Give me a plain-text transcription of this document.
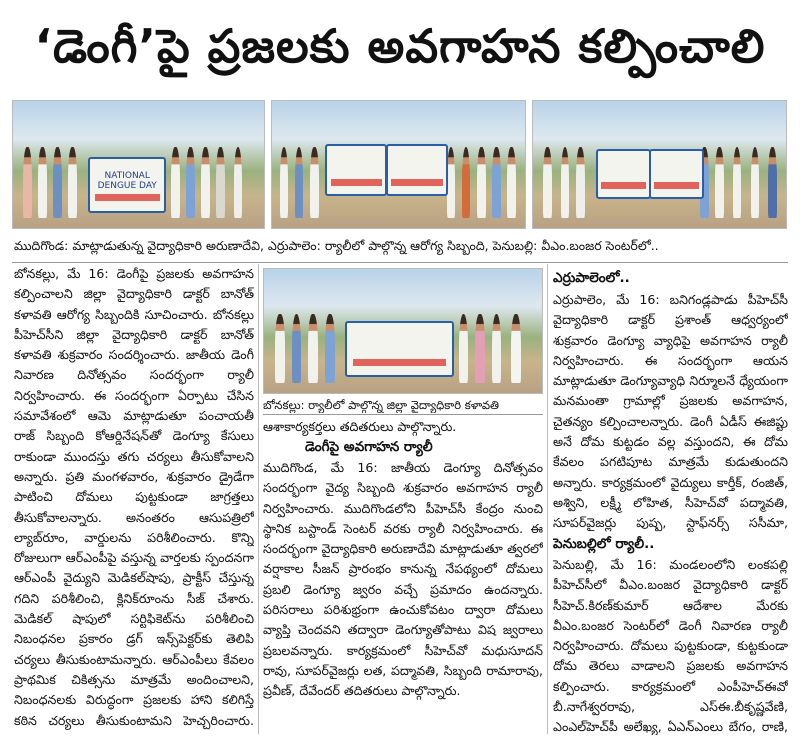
‘డెంగీ’పై ప్రజలకు అవగాహన కల్పించాలి
NATIONAL DENGUE DAY
ముదిగొండ: మాట్లాడుతున్న వైద్యాధికారి అరుణాదేవి, ఎర్రుపాలెం: ర్యాలీలో పాల్గొన్న ఆరోగ్య సిబ్బంది, పెనుబల్లి: వీఎం.బంజర సెంటర్‌లో..

బోనకల్లు, మే 16: డెంగీపై ప్రజలకు అవగాహన కల్పించాలని జిల్లా వైద్యాధికారి డాక్టర్ బానోత్ కళావతి ఆరోగ్య సిబ్బందికి సూచించారు. బోనకల్లు పీహెచ్‌సీని జిల్లా వైద్యాధికారి డాక్టర్ బానోత్ కళావతి శుక్రవారం సందర్శించారు. జాతీయ డెంగీ నివారణ దినోత్సవం సందర్భంగా ర్యాలీ నిర్వహించారు. ఈ సందర్భంగా ఏర్పాటు చేసిన సమావేశంలో ఆమె మాట్లాడుతూ పంచాయతీ రాజ్ సిబ్బంది కోఆర్డినేషన్‌తో డెంగ్యూ కేసులు రాకుండా ముందస్తు తగు చర్యలు తీసుకోవాలని అన్నారు. ప్రతి మంగళవారం, శుక్రవారం డ్రైడేగా పాటించి దోమలు పుట్టకుండా జాగ్రత్తలు తీసుకోవాలన్నారు. అనంతరం ఆసుపత్రిలో ల్యాబ్‌రూం, వార్డులను పరిశీలించారు. కొన్ని రోజులుగా ఆర్ఎంపీపై వస్తున్న వార్తలకు స్పందనగా ఆర్ఎంపీ వైద్యుని మెడికల్‌షాపు, ప్రాక్టీస్ చేస్తున్న గదిని పరిశీలించి, క్లినిక్‌రూంను సీజ్ చేశారు. మెడికల్ షాపులో సర్టిఫికెట్‌ను పరిశీలించి నిబంధనల ప్రకారం డ్రగ్ ఇన్స్‌పెక్టర్‌కు తెలిపి చర్యలు తీసుకుంటామన్నారు. ఆర్ఎంపీలు కేవలం ప్రాథమిక చికిత్సను మాత్రమే అందించాలని, నిబంధనలకు విరుద్ధంగా ప్రజలకు హాని కలిగిస్తే కఠిన చర్యలు తీసుకుంటామని హెచ్చరించారు.

బోనకల్లు: ర్యాలీలో పాల్గొన్న జిల్లా వైద్యాధికారి కళావతి

ఆశాకార్యకర్తలు తదితరులు పాల్గొన్నారు.

డెంగీపై అవగాహన ర్యాలీ

ముదిగొండ, మే 16: జాతీయ డెంగ్యూ దినోత్సవం సందర్భంగా వైద్య సిబ్బంది శుక్రవారం అవగాహన ర్యాలీ నిర్వహించారు. ముదిగొండలోని పీహెచ్‌సీ కేంద్రం నుంచి స్థానిక బస్టాండ్ సెంటర్ వరకు ర్యాలీ నిర్వహించారు. ఈ సందర్భంగా వైద్యాధికారి అరుణాదేవి మాట్లాడుతూ త్వరలో వర్షాకాల సీజన్ ప్రారంభం కానున్న నేపథ్యంలో దోమలు ప్రబలి డెంగ్యూ జ్వరం వచ్చే ప్రమాదం ఉందన్నారు. పరిసరాలు పరిశుభ్రంగా ఉంచుకోవటం ద్వారా దోమలు వ్యాప్తి చెందవని తద్వారా డెంగ్యూతోపాటు విష జ్వరాలు ప్రబలవన్నారు. కార్యక్రమంలో సీహెచ్‌వో మధుసూదన్ రావు, సూపర్‌వైజర్లు లత, పద్మావతి, సిబ్బంది రామారావు, ప్రవీణ్, దేవేందర్ తదితరులు పాల్గొన్నారు.

ఎర్రుపాలెంలో..

ఎర్రుపాలెం, మే 16: బనిగండ్లపాడు పీహెచ్‌సీ వైద్యాధికారి డాక్టర్ ప్రశాంత్ ఆధ్వర్యంలో శుక్రవారం డెంగ్యూ వ్యాధిపై అవగాహన ర్యాలీ నిర్వహించారు. ఈ సందర్భంగా ఆయన మాట్లాడుతూ డెంగ్యూవ్యాధి నిర్మూలనే ధ్యేయంగా మనమంతా గ్రామాల్లో ప్రజలకు అవగాహన, చైతన్యం కల్పించాలన్నారు. డెంగీ ఏడీస్ ఈజిప్టు అనే దోమ కుట్టడం వల్ల వస్తుందని, ఈ దోమ కేవలం పగటిపూట మాత్రమే కుడుతుందని అన్నారు. కార్యక్రమంలో వైద్యులు కార్తీక్, రంజిత్, అశ్విని, లక్ష్మీ లోహిత, సీహెచ్‌వో పద్మావతి, సూపర్‌వైజర్లు పుష్ప, స్టాఫ్‌నర్స్ ససీమా,

పెనుబల్లిలో ర్యాలీ..

పెనుబల్లి, మే 16: మండలంలోని లంకపల్లి పీహెచ్‌సీలో వీఎం.బంజర వైద్యాధికారి డాక్టర్ సీహెచ్.కిరణ్‌కుమార్ ఆదేశాల మేరకు వీఎం.బంజర సెంటర్‌లో డెంగీ నివారణ ర్యాలీ నిర్వహించారు. దోమలు పుట్టకుండా, కుట్టకుండా దోమ తెరలు వాడాలని ప్రజలకు అవగాహన కల్పించారు. కార్యక్రమంలో ఎంపీహెచ్ఈవో బీ.నాగేశ్వరరావు, ఎస్ఈ.బీకృష్ణవేణి, ఎంఎల్‌హెచ్‌పీ అలేఖ్య, ఏఎన్ఎంలు బేగం, రాణి,
